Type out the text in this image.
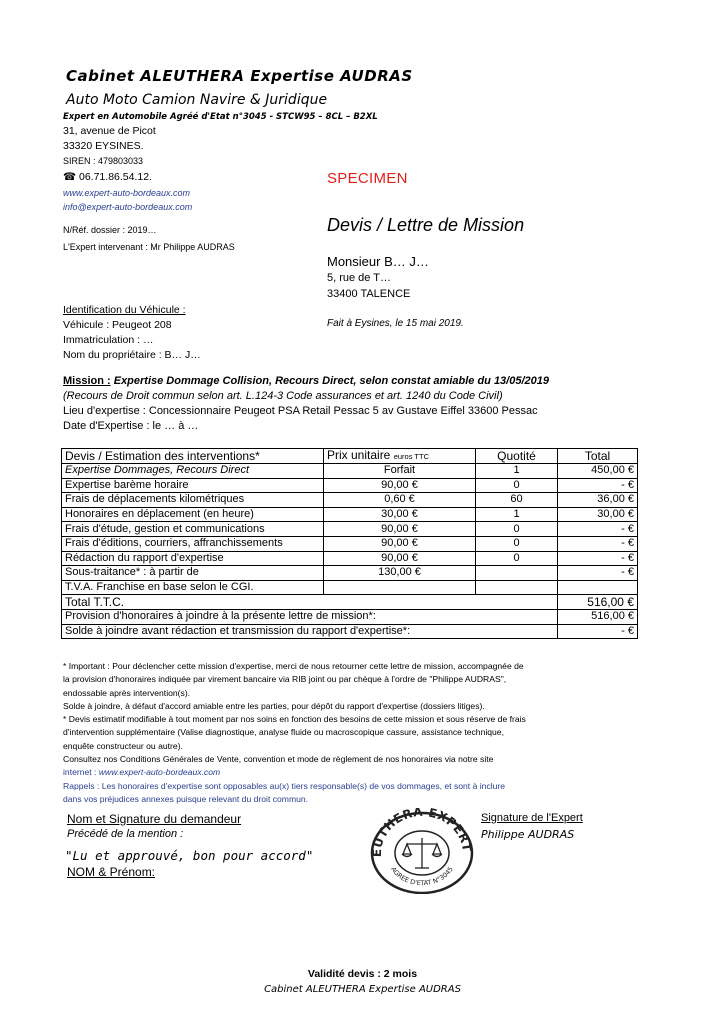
Cabinet ALEUTHERA Expertise AUDRAS
Auto Moto Camion Navire & Juridique
Expert en Automobile Agréé d'Etat n°3045 - STCW95 – 8CL – B2XL
31, avenue de Picot
33320 EYSINES.
SIREN : 479803033
☎ 06.71.86.54.12.
www.expert-auto-bordeaux.com
info@expert-auto-bordeaux.com
N/Réf. dossier : 2019…
L'Expert intervenant : Mr Philippe AUDRAS
SPECIMEN
Devis / Lettre de Mission
Monsieur B… J…
5, rue de T…
33400 TALENCE
Fait à Eysines, le 15 mai 2019.
Identification du Véhicule :
Véhicule : Peugeot 208
Immatriculation : …
Nom du propriétaire : B… J…
Mission : Expertise Dommage Collision, Recours Direct, selon constat amiable du 13/05/2019
(Recours de Droit commun selon art. L.124-3 Code assurances et art. 1240 du Code Civil)
Lieu d'expertise : Concessionnaire Peugeot PSA Retail Pessac 5 av Gustave Eiffel 33600 Pessac
Date d'Expertise : le … à …
Devis / Estimation des interventions*	Prix unitaire euros TTC	Quotité	Total
Expertise Dommages, Recours Direct	Forfait	1	450,00 €
Expertise barème horaire	90,00 €	0	- €
Frais de déplacements kilométriques	0,60 €	60	36,00 €
Honoraires en déplacement (en heure)	30,00 €	1	30,00 €
Frais d'étude, gestion et communications	90,00 €	0	- €
Frais d'éditions, courriers, affranchissements	90,00 €	0	- €
Rédaction du rapport d'expertise	90,00 €	0	- €
Sous-traitance* : à partir de	130,00 €		- €
T.V.A. Franchise en base selon le CGI.			
Total T.T.C.			516,00 €
Provision d'honoraires à joindre à la présente lettre de mission*:			516,00 €
Solde à joindre avant rédaction et transmission du rapport d'expertise*:			- €
* Important : Pour déclencher cette mission d'expertise, merci de nous retourner cette lettre de mission, accompagnée de
la provision d'honoraires indiquée par virement bancaire via RIB joint ou par chèque à l'ordre de "Philippe AUDRAS",
endossable après intervention(s).
Solde à joindre, à défaut d'accord amiable entre les parties, pour dépôt du rapport d'expertise (dossiers litiges).
* Devis estimatif modifiable à tout moment par nos soins en fonction des besoins de cette mission et sous réserve de frais
d'intervention supplémentaire (Valise diagnostique, analyse fluide ou macroscopique cassure, assistance technique,
enquête constructeur ou autre).
Consultez nos Conditions Générales de Vente, convention et mode de règlement de nos honoraires via notre site
internet : www.expert-auto-bordeaux.com
Rappels : Les honoraires d'expertise sont opposables au(x) tiers responsable(s) de vos dommages, et sont à inclure
dans vos préjudices annexes puisque relevant du droit commun.
Nom et Signature du demandeur
Précédé de la mention :
"Lu et approuvé, bon pour accord"
NOM & Prénom:
Signature de l'Expert
Philippe AUDRAS
EUTHERA EXPERT
AGREE D'ETAT N°3045
Validité devis : 2 mois
Cabinet ALEUTHERA Expertise AUDRAS
